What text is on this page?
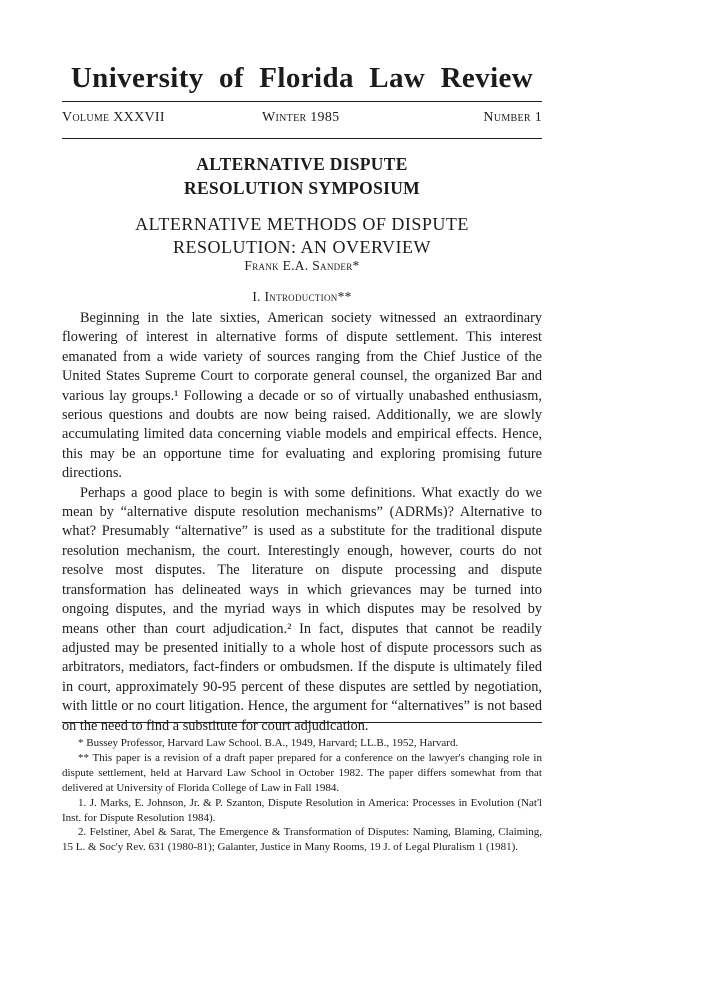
University of Florida Law Review
Volume XXXVII	Winter 1985	Number 1
ALTERNATIVE DISPUTE
RESOLUTION SYMPOSIUM
ALTERNATIVE METHODS OF DISPUTE
RESOLUTION: AN OVERVIEW
Frank E.A. Sander*
I. Introduction**

Beginning in the late sixties, American society witnessed an extraordinary flowering of interest in alternative forms of dispute settlement. This interest emanated from a wide variety of sources ranging from the Chief Justice of the United States Supreme Court to corporate general counsel, the organized Bar and various lay groups.¹ Following a decade or so of virtually unabashed enthusiasm, serious questions and doubts are now being raised. Additionally, we are slowly accumulating limited data concerning viable models and empirical effects. Hence, this may be an opportune time for evaluating and exploring promising future directions.

Perhaps a good place to begin is with some definitions. What exactly do we mean by “alternative dispute resolution mechanisms” (ADRMs)? Alternative to what? Presumably “alternative” is used as a substitute for the traditional dispute resolution mechanism, the court. Interestingly enough, however, courts do not resolve most disputes. The literature on dispute processing and dispute transformation has delineated ways in which grievances may be turned into ongoing disputes, and the myriad ways in which disputes may be resolved by means other than court adjudication.² In fact, disputes that cannot be readily adjusted may be presented initially to a whole host of dispute processors such as arbitrators, mediators, fact-finders or ombudsmen. If the dispute is ultimately filed in court, approximately 90-95 percent of these disputes are settled by negotiation, with little or no court litigation. Hence, the argument for “alternatives” is not based on the need to find a substitute for court adjudication.

* Bussey Professor, Harvard Law School. B.A., 1949, Harvard; LL.B., 1952, Harvard.

** This paper is a revision of a draft paper prepared for a conference on the lawyer's changing role in dispute settlement, held at Harvard Law School in October 1982. The paper differs somewhat from that delivered at University of Florida College of Law in Fall 1984.

1. J. Marks, E. Johnson, Jr. & P. Szanton, Dispute Resolution in America: Processes in Evolution (Nat'l Inst. for Dispute Resolution 1984).

2. Felstiner, Abel & Sarat, The Emergence & Transformation of Disputes: Naming, Blaming, Claiming, 15 L. & Soc'y Rev. 631 (1980-81); Galanter, Justice in Many Rooms, 19 J. of Legal Pluralism 1 (1981).
